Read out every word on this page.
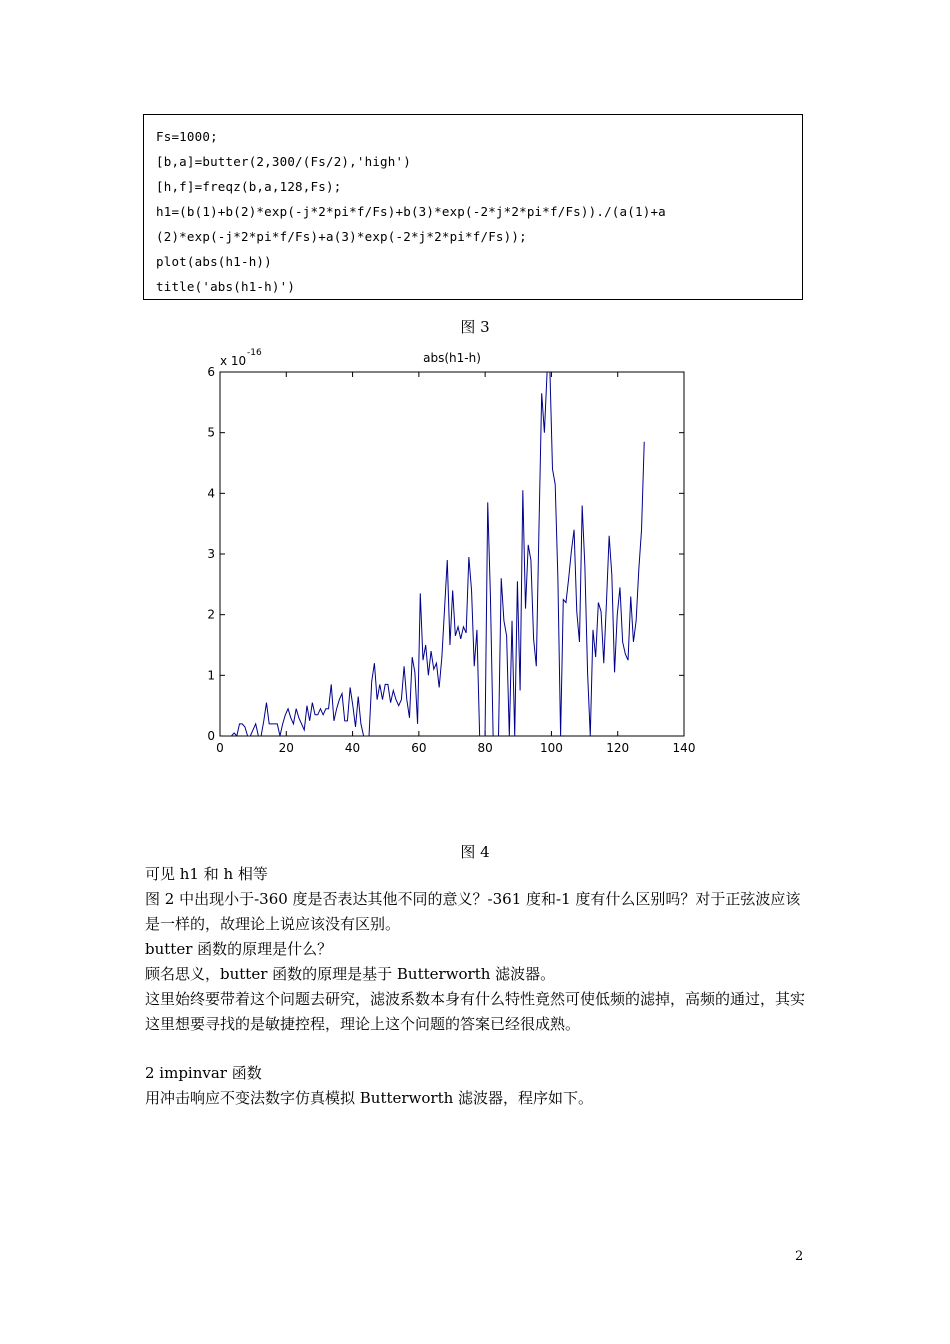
Fs=1000;
[b,a]=butter(2,300/(Fs/2),'high')
[h,f]=freqz(b,a,128,Fs);
h1=(b(1)+b(2)*exp(-j*2*pi*f/Fs)+b(3)*exp(-2*j*2*pi*f/Fs))./(a(1)+a
(2)*exp(-j*2*pi*f/Fs)+a(3)*exp(-2*j*2*pi*f/Fs));
plot(abs(h1-h))
title('abs(h1-h)')
图 3
x 10
-16	abs(h1-h)
0	20	40	60	80	100	120	140
0
1
2
3
4
5
6
图 4

可见 h1 和 h 相等

图 2 中出现小于-360 度是否表达其他不同的意义？-361 度和-1 度有什么区别吗？对于正弦波应该是一样的，故理论上说应该没有区别。

butter 函数的原理是什么？

顾名思义，butter 函数的原理是基于 Butterworth 滤波器。

这里始终要带着这个问题去研究，滤波系数本身有什么特性竟然可使低频的滤掉，高频的通过，其实这里想要寻找的是敏捷控程，理论上这个问题的答案已经很成熟。

2 impinvar 函数

用冲击响应不变法数字仿真模拟 Butterworth 滤波器，程序如下。

2
